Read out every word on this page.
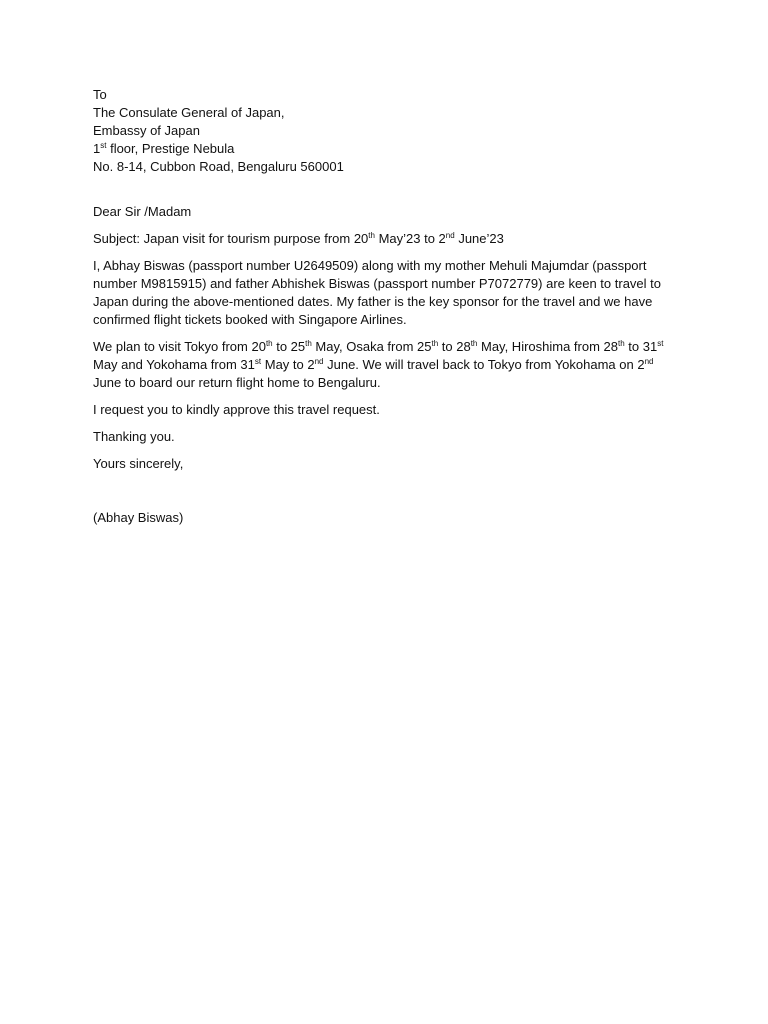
To
The Consulate General of Japan,
Embassy of Japan
1st floor, Prestige Nebula
No. 8-14, Cubbon Road, Bengaluru 560001

Dear Sir /Madam

Subject: Japan visit for tourism purpose from 20th May’23 to 2nd June’23

I, Abhay Biswas (passport number U2649509) along with my mother Mehuli Majumdar (passport
number M9815915) and father Abhishek Biswas (passport number P7072779) are keen to travel to
Japan during the above-mentioned dates. My father is the key sponsor for the travel and we have
confirmed flight tickets booked with Singapore Airlines.

We plan to visit Tokyo from 20th to 25th May, Osaka from 25th to 28th May, Hiroshima from 28th to 31st
May and Yokohama from 31st May to 2nd June. We will travel back to Tokyo from Yokohama on 2nd
June to board our return flight home to Bengaluru.

I request you to kindly approve this travel request.

Thanking you.

Yours sincerely,

(Abhay Biswas)
